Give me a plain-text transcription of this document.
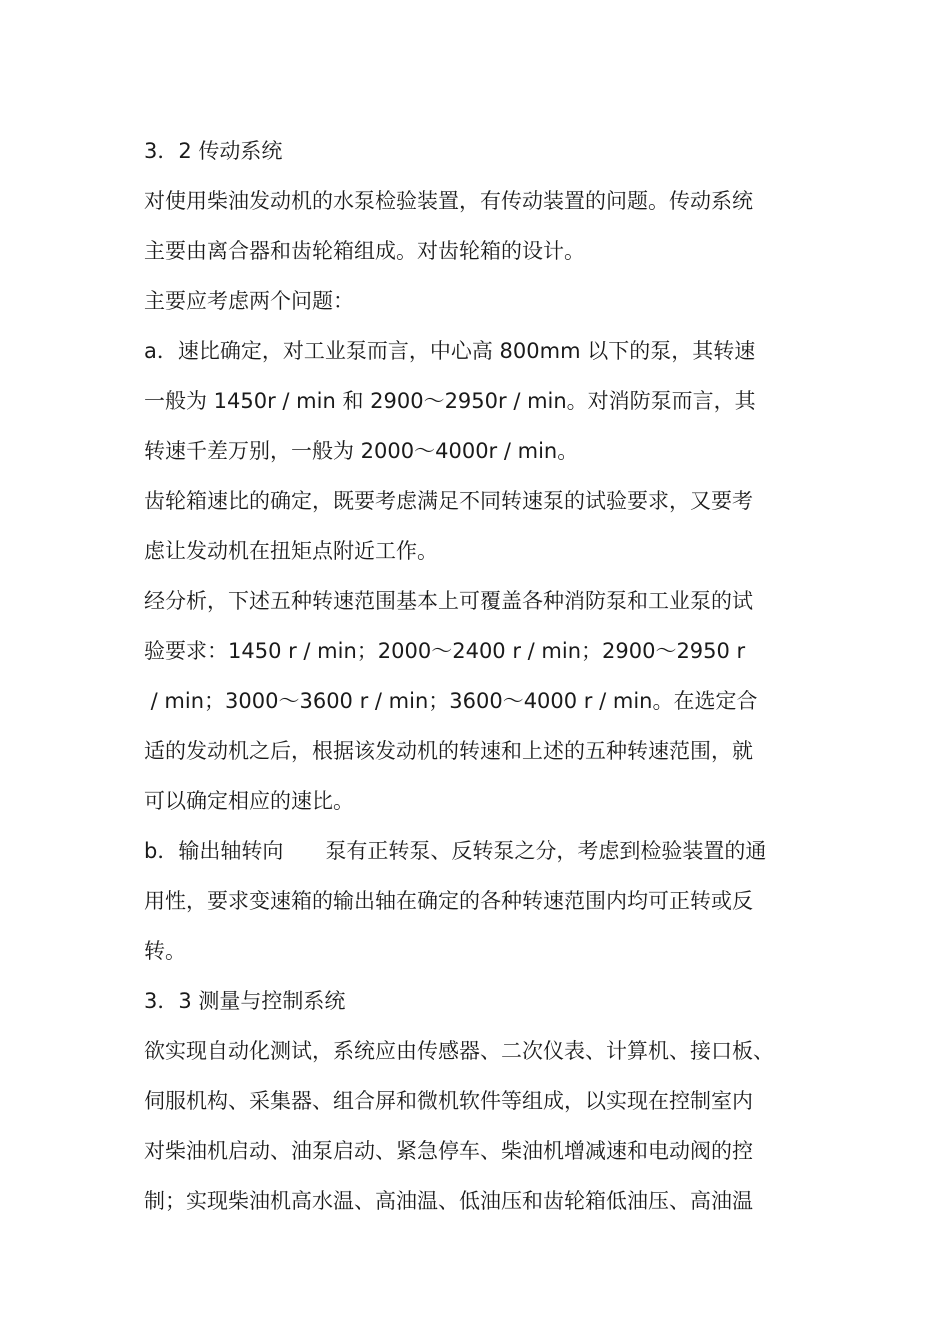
3．2 传动系统
对使用柴油发动机的水泵检验装置，有传动装置的问题。传动系统
主要由离合器和齿轮箱组成。对齿轮箱的设计。
主要应考虑两个问题：
a．速比确定，对工业泵而言，中心高 800mm 以下的泵，其转速
一般为 1450r / min 和 2900～2950r / min。对消防泵而言，其
转速千差万别，一般为 2000～4000r / min。
齿轮箱速比的确定，既要考虑满足不同转速泵的试验要求，又要考
虑让发动机在扭矩点附近工作。
经分析，下述五种转速范围基本上可覆盖各种消防泵和工业泵的试
验要求：1450 r / min；2000～2400 r / min；2900～2950 r
/ min；3000～3600 r / min；3600～4000 r / min。在选定合
适的发动机之后，根据该发动机的转速和上述的五种转速范围，就
可以确定相应的速比。
b．输出轴转向　　泵有正转泵、反转泵之分，考虑到检验装置的通
用性，要求变速箱的输出轴在确定的各种转速范围内均可正转或反
转。
3．3 测量与控制系统
欲实现自动化测试，系统应由传感器、二次仪表、计算机、接口板、
伺服机构、采集器、组合屏和微机软件等组成，以实现在控制室内
对柴油机启动、油泵启动、紧急停车、柴油机增减速和电动阀的控
制；实现柴油机高水温、高油温、低油压和齿轮箱低油压、高油温
